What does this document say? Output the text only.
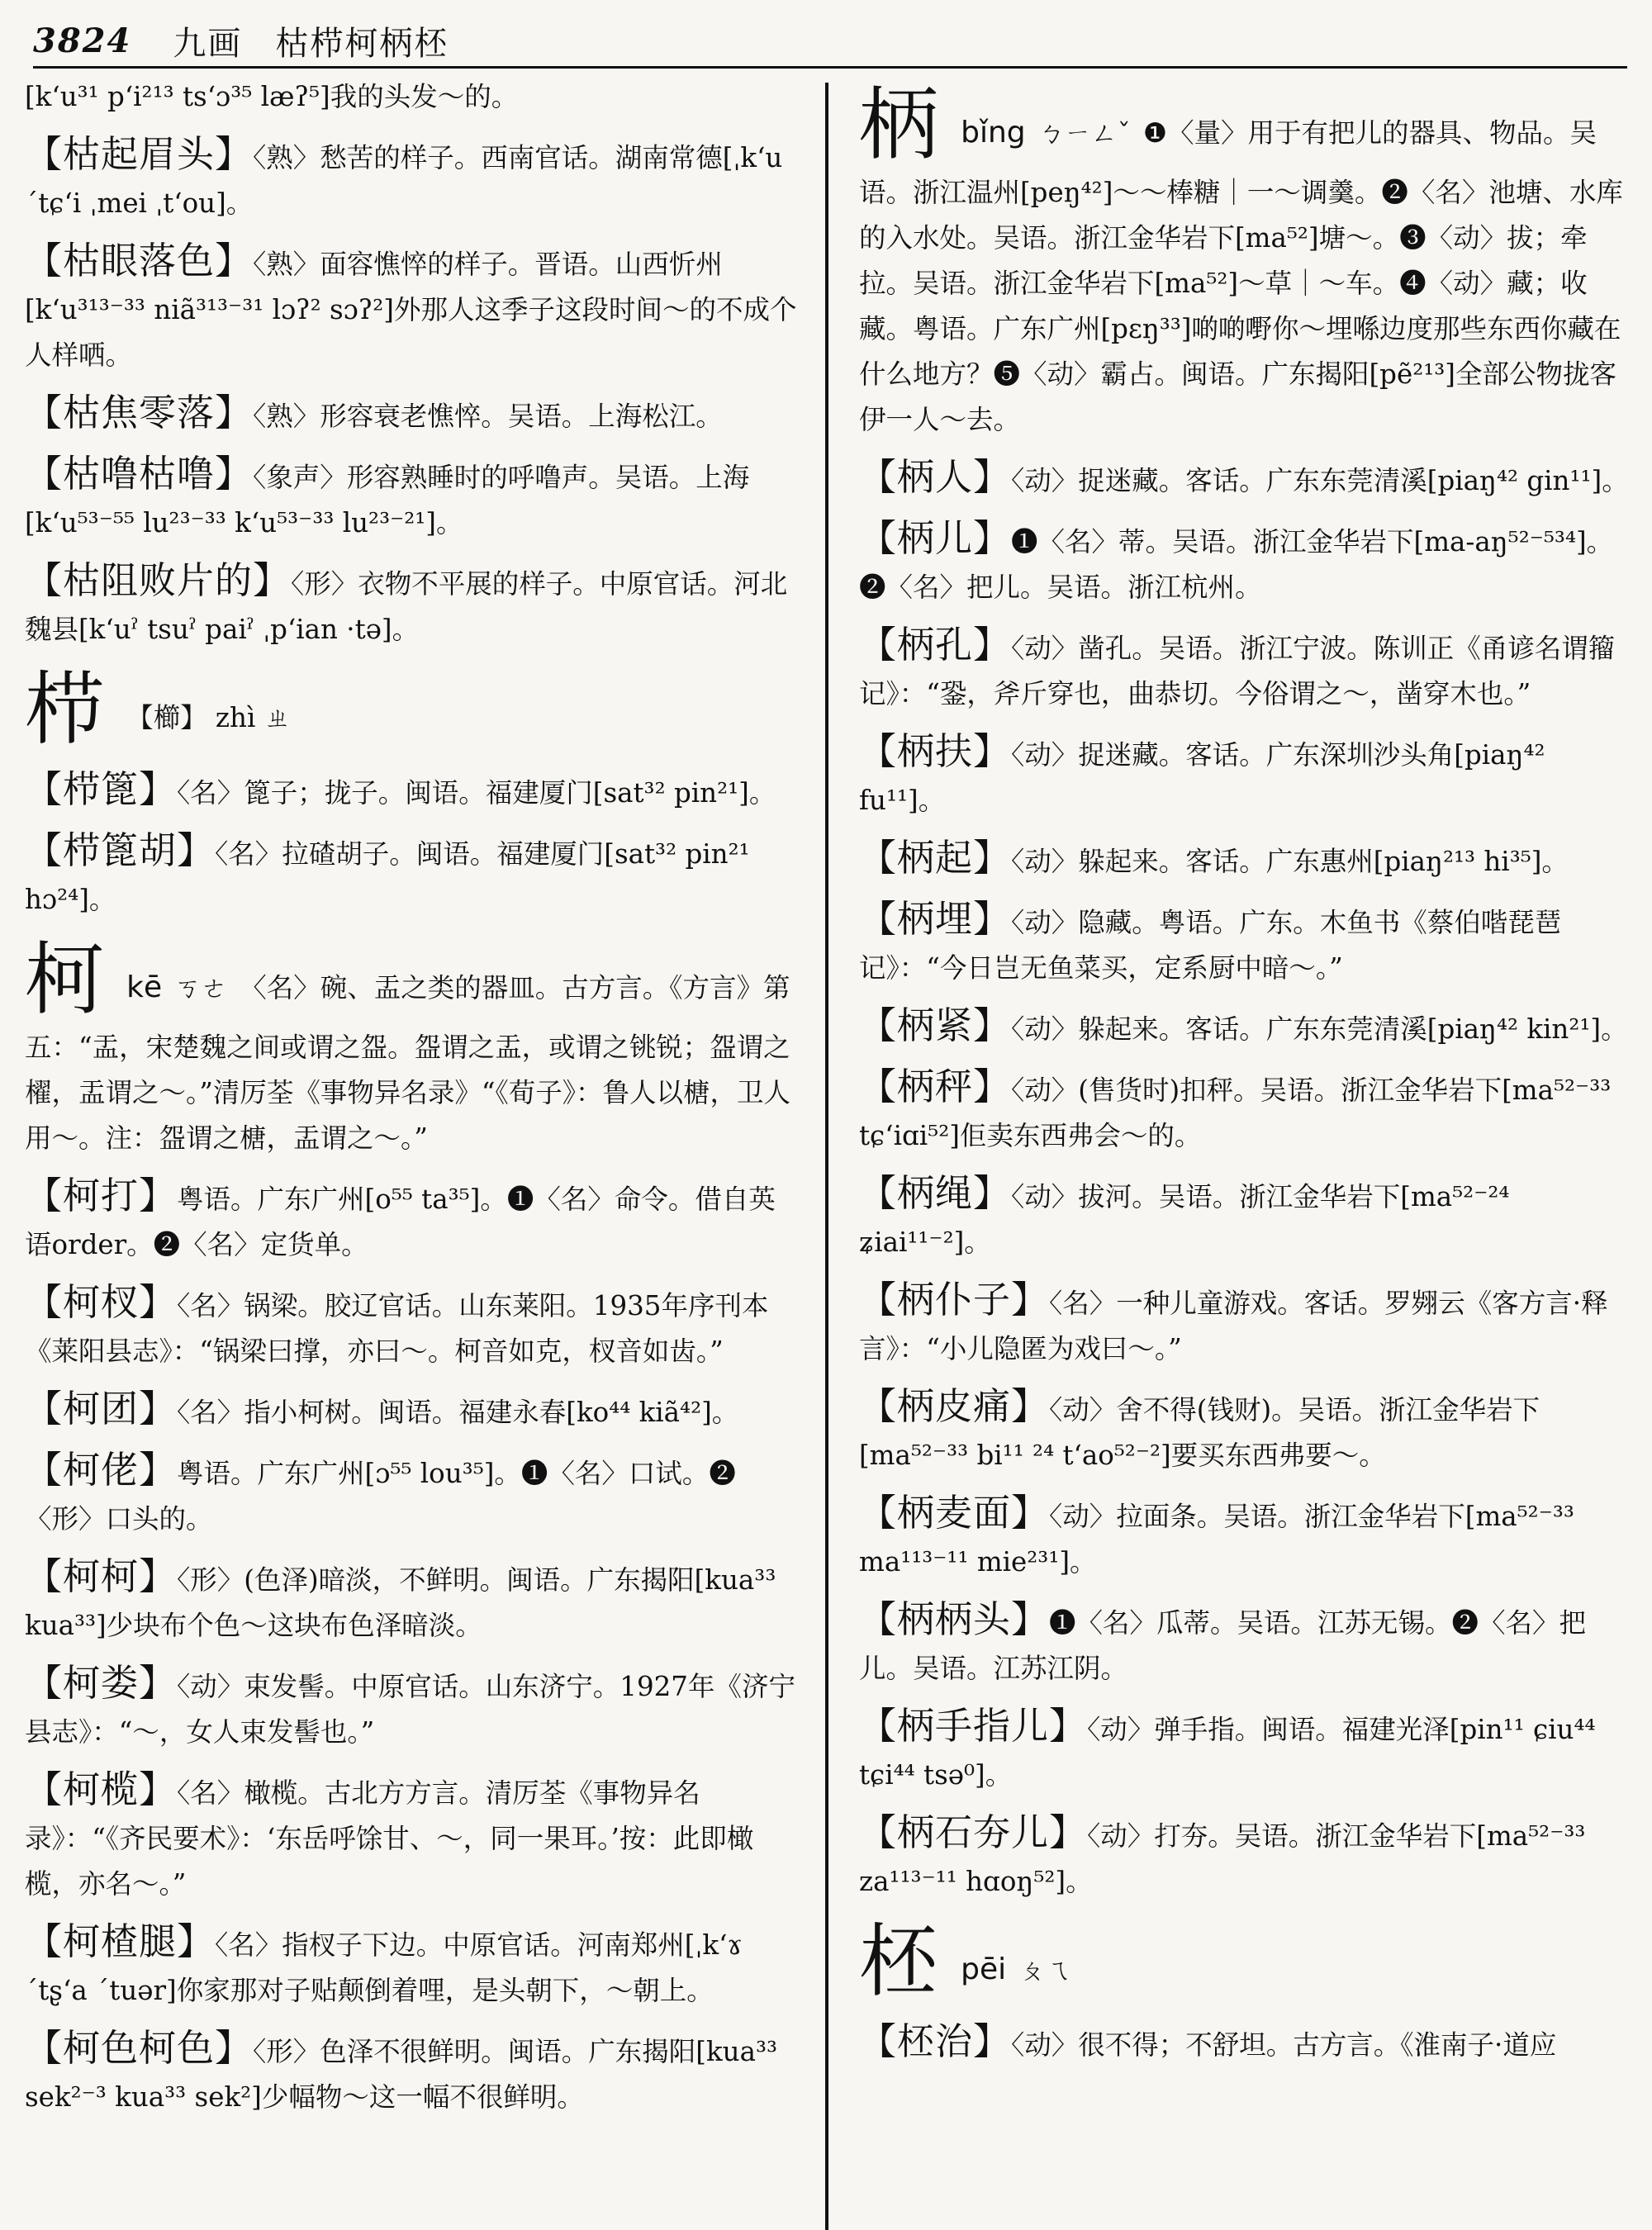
3824 九画 枯栉柯柄柸
[kʻu³¹ pʻi²¹³ tsʻɔ³⁵ læʔ⁵]我的头发～的。
【枯起眉头】〈熟〉愁苦的样子。西南官话。湖南常德[ˌkʻu ˊtɕʻi ˌmei ˌtʻou]。
【枯眼落色】〈熟〉面容憔悴的样子。晋语。山西忻州[kʻu³¹³⁻³³ niã³¹³⁻³¹ lɔʔ² sɔʔ²]外那人这季子这段时间～的不成个人样哂。
【枯焦零落】〈熟〉形容衰老憔悴。吴语。上海松江。
【枯噜枯噜】〈象声〉形容熟睡时的呼噜声。吴语。上海[kʻu⁵³⁻⁵⁵ lu²³⁻³³ kʻu⁵³⁻³³ lu²³⁻²¹]。
【枯阻败片的】〈形〉衣物不平展的样子。中原官话。河北魏县[kʻuˀ tsuˀ paiˀ ˌpʻian ·tə]。
栉 【櫛】 zhì ㄓ
【栉篦】〈名〉篦子；拢子。闽语。福建厦门[sat³² pin²¹]。
【栉篦胡】〈名〉拉碴胡子。闽语。福建厦门[sat³² pin²¹ hɔ²⁴]。
柯 kē ㄎㄜ 〈名〉碗、盂之类的器皿。古方言。《方言》第五：“盂，宋楚魏之间或谓之盌。盌谓之盂，或谓之铫锐；盌谓之櫂，盂谓之～。”清厉荃《事物异名录》“《荀子》：鲁人以榶，卫人用～。注：盌谓之榶，盂谓之～。”
【柯打】粤语。广东广州[o⁵⁵ ta³⁵]。❶〈名〉命令。借自英语order。❷〈名〉定货单。
【柯杈】〈名〉锅梁。胶辽官话。山东莱阳。1935年序刊本《莱阳县志》：“锅梁曰撑，亦曰～。柯音如克，杈音如齿。”
【柯团】〈名〉指小柯树。闽语。福建永春[ko⁴⁴ kiã⁴²]。
【柯佬】粤语。广东广州[ɔ⁵⁵ lou³⁵]。❶〈名〉口试。❷〈形〉口头的。
【柯柯】〈形〉(色泽)暗淡，不鲜明。闽语。广东揭阳[kua³³ kua³³]少块布个色～这块布色泽暗淡。
【柯娄】〈动〉束发髻。中原官话。山东济宁。1927年《济宁县志》：“～，女人束发髻也。”
【柯榄】〈名〉橄榄。古北方方言。清厉荃《事物异名录》：“《齐民要术》：‘东岳呼馀甘、～，同一果耳。’按：此即橄榄，亦名～。”
【柯楂腿】〈名〉指杈子下边。中原官话。河南郑州[ˌkʻɤ ˊtʂʻa ˊtuər]你家那对子贴颠倒着哩，是头朝下，～朝上。
【柯色柯色】〈形〉色泽不很鲜明。闽语。广东揭阳[kua³³ sek²⁻³ kua³³ sek²]少幅物～这一幅不很鲜明。
柄 bǐng ㄅㄧㄥˇ ❶〈量〉用于有把儿的器具、物品。吴语。浙江温州[peŋ⁴²]～～棒糖｜一～调羹。❷〈名〉池塘、水库的入水处。吴语。浙江金华岩下[ma⁵²]塘～。❸〈动〉拔；牵拉。吴语。浙江金华岩下[ma⁵²]～草｜～车。❹〈动〉藏；收藏。粤语。广东广州[pɛŋ³³]啲啲嘢你～埋喺边度那些东西你藏在什么地方？❺〈动〉霸占。闽语。广东揭阳[pẽ²¹³]全部公物拢客伊一人～去。
【柄人】〈动〉捉迷藏。客话。广东东莞清溪[piaŋ⁴² gin¹¹]。
【柄儿】❶〈名〉蒂。吴语。浙江金华岩下[ma-aŋ⁵²⁻⁵³⁴]。❷〈名〉把儿。吴语。浙江杭州。
【柄孔】〈动〉凿孔。吴语。浙江宁波。陈训正《甬谚名谓籀记》：“銎，斧斤穿也，曲恭切。今俗谓之～，凿穿木也。”
【柄扶】〈动〉捉迷藏。客话。广东深圳沙头角[piaŋ⁴² fu¹¹]。
【柄起】〈动〉躲起来。客话。广东惠州[piaŋ²¹³ hi³⁵]。
【柄埋】〈动〉隐藏。粤语。广东。木鱼书《蔡伯喈琵琶记》：“今日岂无鱼菜买，定系厨中暗～。”
【柄紧】〈动〉躲起来。客话。广东东莞清溪[piaŋ⁴² kin²¹]。
【柄秤】〈动〉(售货时)扣秤。吴语。浙江金华岩下[ma⁵²⁻³³ tɕʻiɑi⁵²]佢卖东西弗会～的。
【柄绳】〈动〉拔河。吴语。浙江金华岩下[ma⁵²⁻²⁴ ʑiai¹¹⁻²]。
【柄仆子】〈名〉一种儿童游戏。客话。罗翙云《客方言·释言》：“小儿隐匿为戏曰～。”
【柄皮痛】〈动〉舍不得(钱财)。吴语。浙江金华岩下[ma⁵²⁻³³ bi¹¹ ²⁴ tʻao⁵²⁻²]要买东西弗要～。
【柄麦面】〈动〉拉面条。吴语。浙江金华岩下[ma⁵²⁻³³ ma¹¹³⁻¹¹ mie²³¹]。
【柄柄头】❶〈名〉瓜蒂。吴语。江苏无锡。❷〈名〉把儿。吴语。江苏江阴。
【柄手指儿】〈动〉弹手指。闽语。福建光泽[pin¹¹ ɕiu⁴⁴ tɕi⁴⁴ tsə⁰]。
【柄石夯儿】〈动〉打夯。吴语。浙江金华岩下[ma⁵²⁻³³ za¹¹³⁻¹¹ hɑoŋ⁵²]。
柸 pēi ㄆㄟ
【柸治】〈动〉很不得；不舒坦。古方言。《淮南子·道应
